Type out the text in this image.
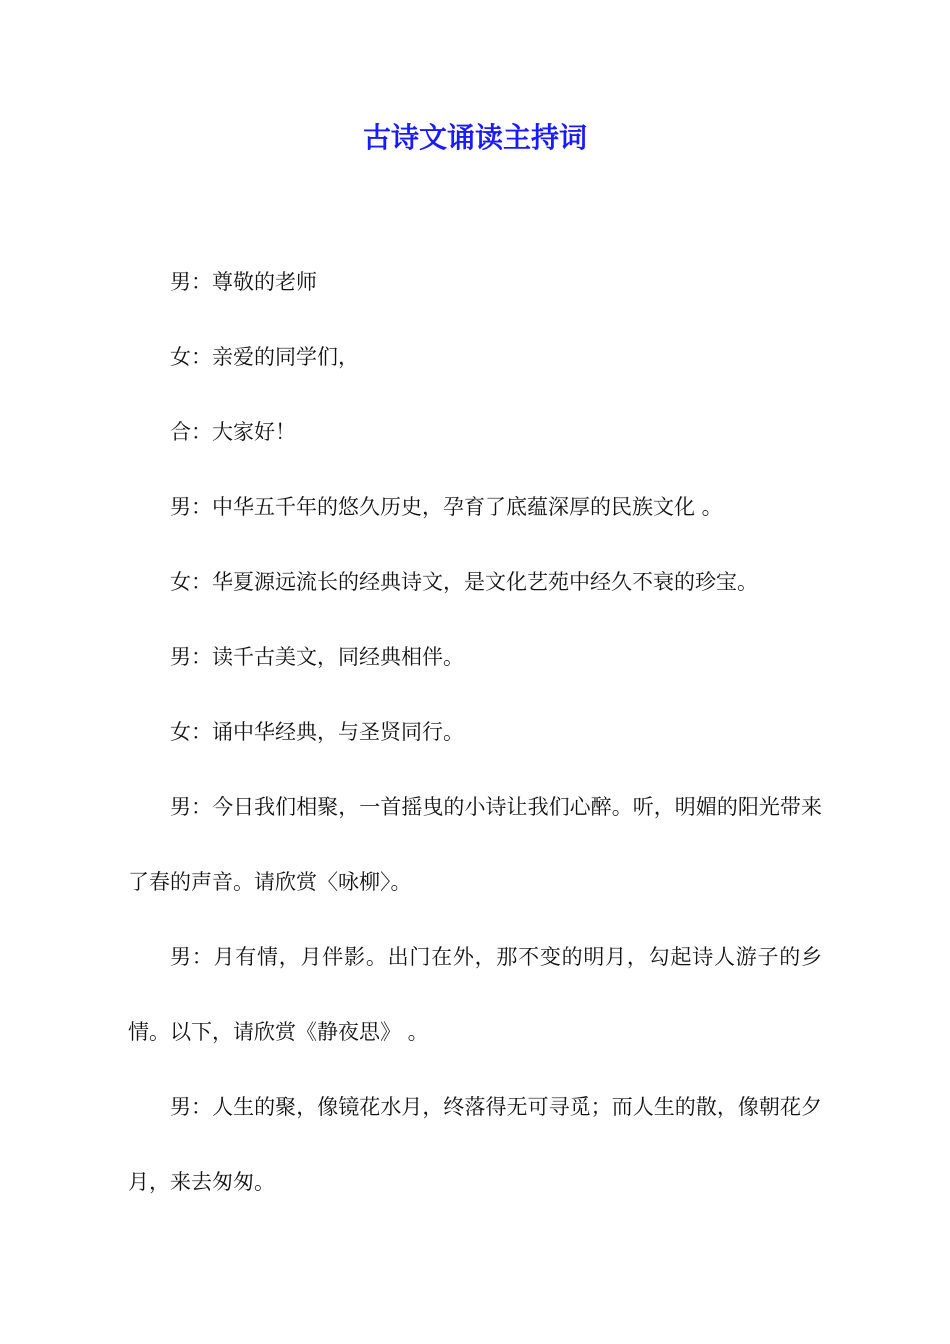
古诗文诵读主持词

男：尊敬的老师

女：亲爱的同学们，

合：大家好！

男：中华五千年的悠久历史，孕育了底蕴深厚的民族文化 。

女：华夏源远流长的经典诗文，是文化艺苑中经久不衰的珍宝。

男：读千古美文，同经典相伴。

女：诵中华经典，与圣贤同行。

男：今日我们相聚，一首摇曳的小诗让我们心醉。听，明媚的阳光带来了春的声音。请欣赏〈咏柳〉。

男：月有情，月伴影。出门在外，那不变的明月，勾起诗人游子的乡情。以下，请欣赏《静夜思》 。

男：人生的聚，像镜花水月，终落得无可寻觅；而人生的散，像朝花夕月，来去匆匆。
